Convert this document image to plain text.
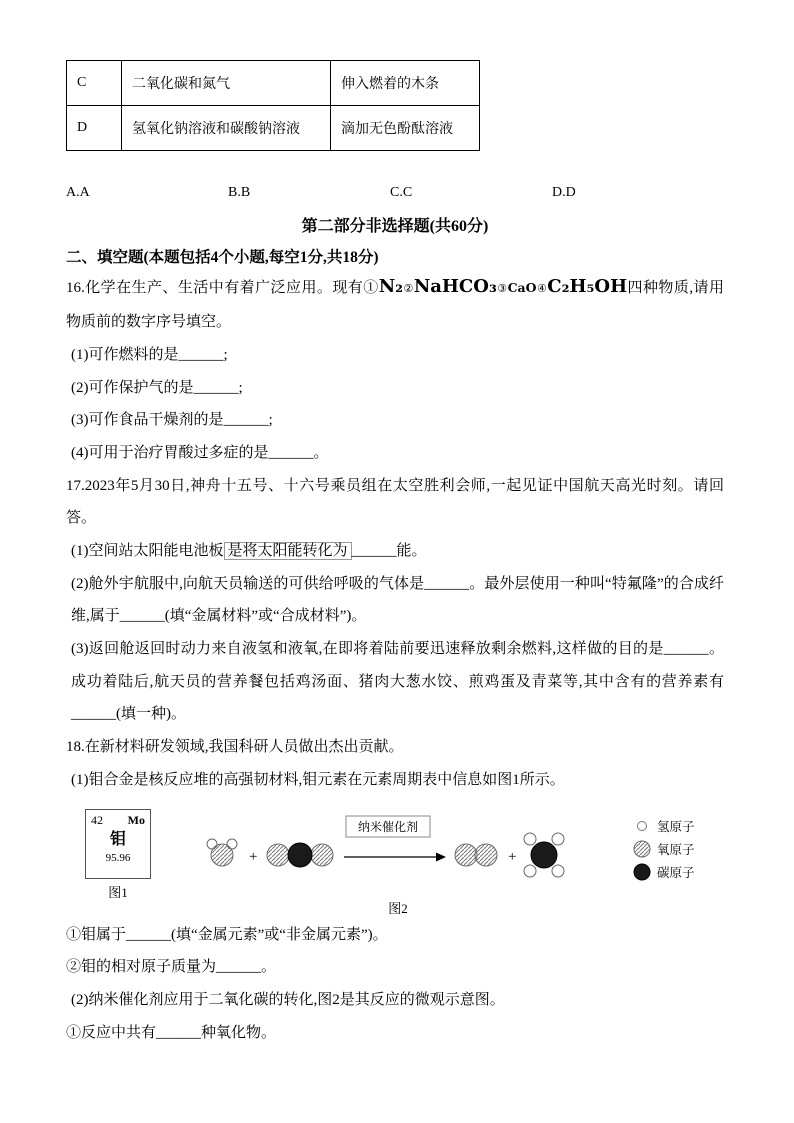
C	二氧化碳和氮气	伸入燃着的木条
D	氢氧化钠溶液和碳酸钠溶液	滴加无色酚酞溶液
A.A	B.B	C.C	D.D
第二部分非选择题(共60分)
二、填空题(本题包括4个小题,每空1分,共18分)

16.化学在生产、生活中有着广泛应用。现有①N₂②NaHCO₃③CaO④C₂H₅OH四种物质,请用物质前的数字序号填空。

(1)可作燃料的是______;

(2)可作保护气的是______;

(3)可作食品干燥剂的是______;

(4)可用于治疗胃酸过多症的是______。

17.2023年5月30日,神舟十五号、十六号乘员组在太空胜利会师,一起见证中国航天高光时刻。请回答。

(1)空间站太阳能电池板 是将太阳能转化为 ______能。

(2)舱外宇航服中,向航天员输送的可供给呼吸的气体是______。最外层使用一种叫“特氟隆”的合成纤维,属于______(填“金属材料”或“合成材料”)。

(3)返回舱返回时动力来自液氢和液氧,在即将着陆前要迅速释放剩余燃料,这样做的目的是______。成功着陆后,航天员的营养餐包括鸡汤面、猪肉大葱水饺、煎鸡蛋及青菜等,其中含有的营养素有______(填一种)。

18.在新材料研发领域,我国科研人员做出杰出贡献。

(1)钼合金是核反应堆的高强韧材料,钼元素在元素周期表中信息如图1所示。

42 Mo
钼
95.96
图1
+
纳米催化剂
+
图2
氢原子
氧原子
碳原子

①钼属于______(填“金属元素”或“非金属元素”)。

②钼的相对原子质量为______。

(2)纳米催化剂应用于二氧化碳的转化,图2是其反应的微观示意图。

①反应中共有______种氧化物。
